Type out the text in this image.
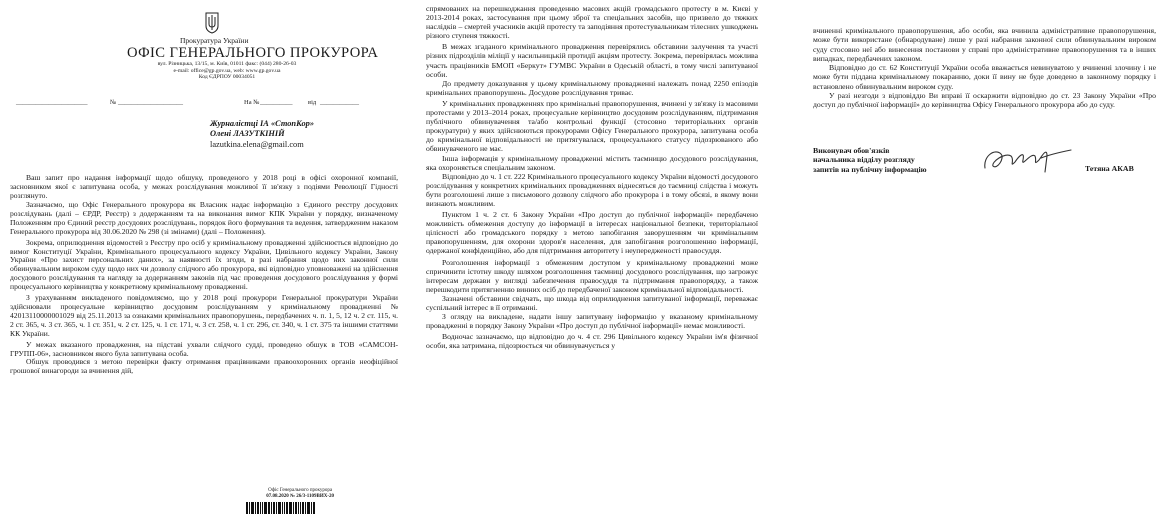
Прокуратура України

ОФІС ГЕНЕРАЛЬНОГО ПРОКУРОРА

вул. Різницька, 13/15, м. Київ, 01011 факс: (044) 280-26-03

e-mail: office@gp.gov.ua, web: www.gp.gov.ua

Код ЄДРПОУ 00034051

______________________	№ ____________________	На № __________ від ____________

Журналістці ІА «СтопКор»

Олені ЛАЗУТКІНІЙ

lazutkina.elena@gmail.com

Ваш запит про надання інформації щодо обшуку, проведеного у 2018 році в офісі охоронної компанії, засновником якої є запитувана особа, у межах розслідування можливої її зв'язку з подіями Революції Гідності розглянуто.

Зазначаємо, що Офіс Генерального прокурора як Власник надає інформацію з Єдиного реєстру досудових розслідувань (далі – ЄРДР, Реєстр) з додержанням та на виконання вимог КПК України у порядку, визначеному Положенням про Єдиний реєстр досудових розслідувань, порядок його формування та ведення, затвердженим наказом Генерального прокурора від 30.06.2020 № 298 (зі змінами) (далі – Положення).

Зокрема, оприлюднення відомостей з Реєстру про осіб у кримінальному провадженні здійснюється відповідно до вимог Конституції України, Кримінального процесуального кодексу України, Цивільного кодексу України, Закону України «Про захист персональних даних», за наявності їх згоди, в разі набрання щодо них законної сили обвинувальним вироком суду щодо них чи дозволу слідчого або прокурора, які відповідно уповноважені на здійснення досудового розслідування та нагляду за додержанням законів під час проведення досудового розслідування у формі процесуального керівництва у конкретному кримінальному провадженні.

З урахуванням викладеного повідомляємо, що у 2018 році прокурори Генеральної прокуратури України здійснювали процесуальне керівництво досудовим розслідуванням у кримінальному провадженні № 42013110000001029 від 25.11.2013 за ознаками кримінальних правопорушень, передбачених ч. п. 1, 5, 12 ч. 2 ст. 115, ч. 2 ст. 365, ч. 3 ст. 365, ч. 1 ст. 351, ч. 2 ст. 125, ч. 1 ст. 171, ч. 3 ст. 258, ч. 1 ст. 296, ст. 340, ч. 1 ст. 375 та іншими статтями КК України.

У межах вказаного провадження, на підставі ухвали слідчого судді, проведено обшук в ТОВ «САМСОН-ГРУПП-06», засновником якого була запитувана особа.

Обшук проводився з метою перевірки факту отримання працівниками правоохоронних органів неофіційної грошової винагороди за вчинення дій,

Офіс Генерального прокурора
07.08.2020 № 26/3-1109ВИХ-20

спрямованих на перешкоджання проведенню масових акцій громадського протесту в м. Києві у 2013-2014 роках, застосування при цьому зброї та спеціальних засобів, що призвело до тяжких наслідків – смертей учасників акцій протесту та заподіяння протестувальникам тілесних ушкоджень різного ступеня тяжкості.

В межах згаданого кримінального провадження перевірялись обставини залучення та участі різних підрозділів міліції у насильницькій протидії акціям протесту. Зокрема, перевірялась можлива участь працівників БМОП «Беркут» ГУМВС України в Одеській області, в тому числі запитуваної особи.

До предмету доказування у цьому кримінальному провадженні належать понад 2250 епізодів кримінальних правопорушень. Досудове розслідування триває.

У кримінальних провадженнях про кримінальні правопорушення, вчинені у зв'язку із масовими протестами у 2013–2014 роках, процесуальне керівництво досудовим розслідуванням, підтримання публічного обвинувачення та/або контрольні функції (стосовно територіальних органів прокуратури) у яких здійснюються прокурорами Офісу Генерального прокурора, запитувана особа до кримінальної відповідальності не притягувалася, процесуального статусу підозрюваного або обвинуваченого не має.

Інша інформація у кримінальному провадженні містить таємницю досудового розслідування, яка охороняється спеціальним законом.

Відповідно до ч. 1 ст. 222 Кримінального процесуального кодексу України відомості досудового розслідування у конкретних кримінальних провадженнях віднесяться до таємниці слідства і можуть бути розголошені лише з письмового дозволу слідчого або прокурора і в тому обсязі, в якому вони визнають можливим.

Пунктом 1 ч. 2 ст. 6 Закону України «Про доступ до публічної інформації» передбачено можливість обмеження доступу до інформації в інтересах національної безпеки, територіальної цілісності або громадського порядку з метою запобігання заворушенням чи кримінальним правопорушенням, для охорони здоров'я населення, для запобігання розголошенню інформації, одержаної конфіденційно, або для підтримання авторитету і неупередженості правосуддя.

Розголошення інформації з обмеженим доступом у кримінальному провадженні може спричинити істотну шкоду шляхом розголошення таємниці досудового розслідування, що загрожує інтересам держави у вигляді забезпечення правосуддя та підтримання правопорядку, а також перешкодити притягненню винних осіб до передбаченої законом кримінальної відповідальності.

Зазначені обставини свідчать, що шкода від оприлюднення запитуваної інформації, переважає суспільний інтерес в її отриманні.

З огляду на викладене, надати іншу запитувану інформацію у вказаному кримінальному провадженні в порядку Закону України «Про доступ до публічної інформації» немає можливості.

Водночас зазначаємо, що відповідно до ч. 4 ст. 296 Цивільного кодексу України ім'я фізичної особи, яка затримана, підозрюється чи обвинувачується у

вчиненні кримінального правопорушення, або особи, яка вчинила адміністративне правопорушення, може бути використане (обнародуване) лише у разі набрання законної сили обвинувальним вироком суду стосовно неї або винесення постанови у справі про адміністративне правопорушення та в інших випадках, передбачених законом.

Відповідно до ст. 62 Конституції України особа вважається невинуватою у вчиненні злочину і не може бути піддана кримінальному покаранню, доки її вину не буде доведено в законному порядку і встановлено обвинувальним вироком суду.

У разі незгоди з відповіддю Ви вправі її оскаржити відповідно до ст. 23 Закону України «Про доступ до публічної інформації» до керівництва Офісу Генерального прокурора або до суду.

Виконувач обов'язків
начальника відділу розгляду
запитів на публічну інформацію	Тетяна АКАВ
